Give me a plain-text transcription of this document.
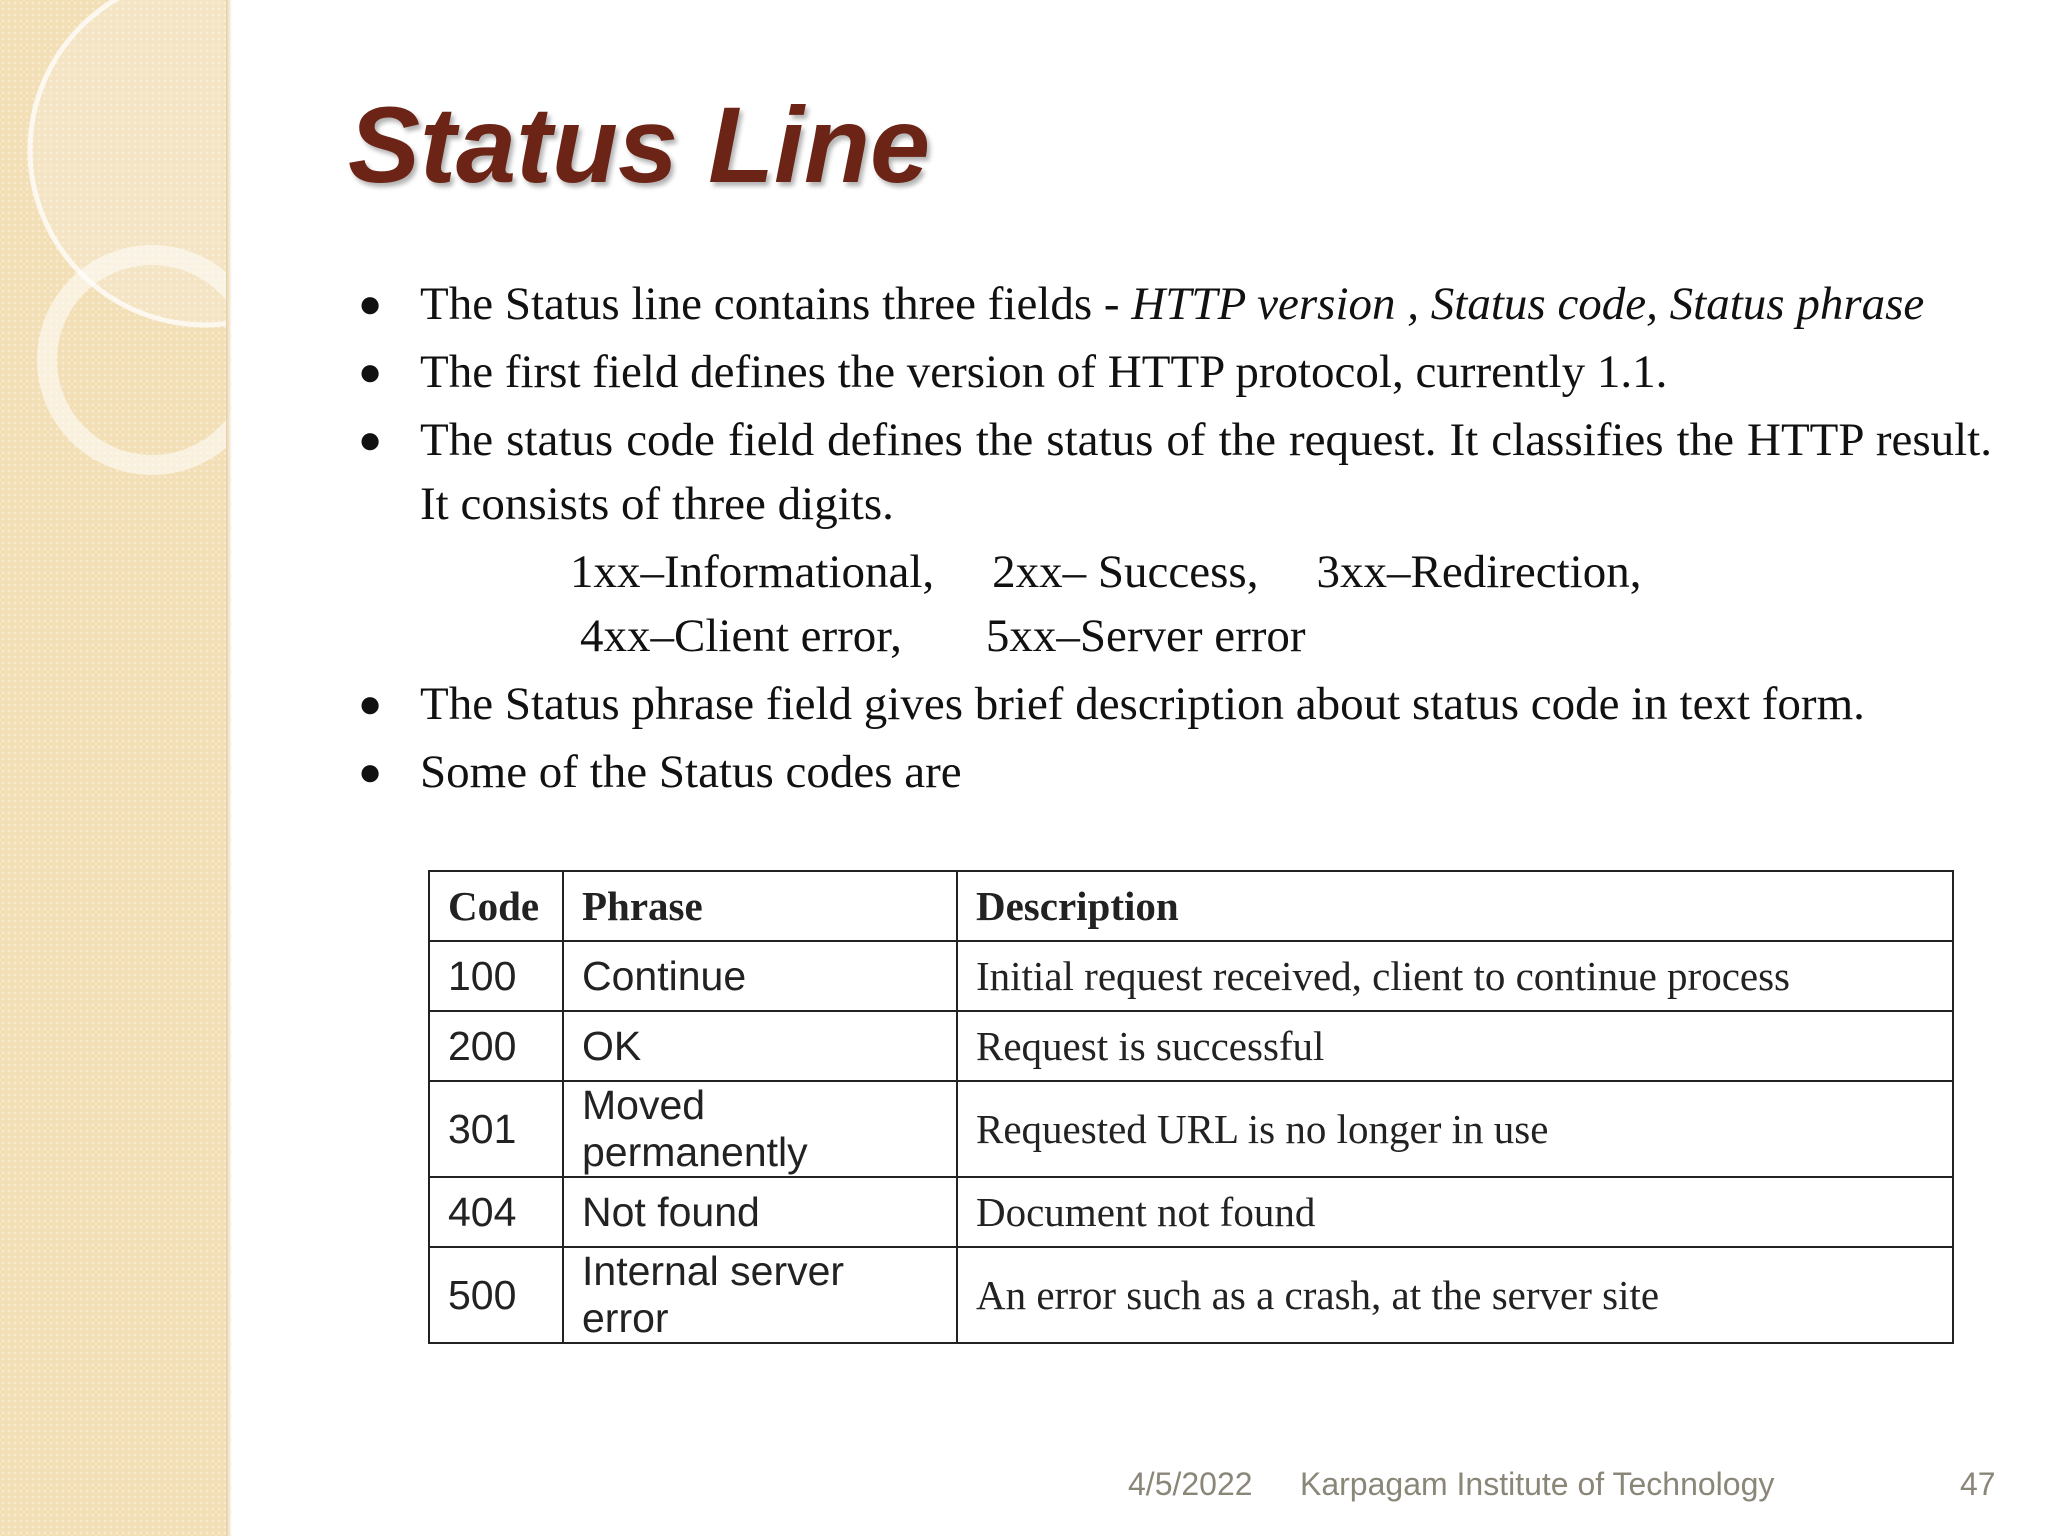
Status Line
● The Status line contains three fields - HTTP version , Status code, Status phrase
● The first field defines the version of HTTP protocol, currently 1.1.
● The status code field defines the status of the request. It classifies the HTTP result. It consists of three digits.
1xx–Informational, 2xx– Success, 3xx–Redirection,
4xx–Client error, 5xx–Server error
● The Status phrase field gives brief description about status code in text form.
● Some of the Status codes are
Code	Phrase	Description
100	Continue	Initial request received, client to continue process
200	OK	Request is successful
301	Moved permanently	Requested URL is no longer in use
404	Not found	Document not found
500	Internal server error	An error such as a crash, at the server site
4/5/2022 Karpagam Institute of Technology	47
